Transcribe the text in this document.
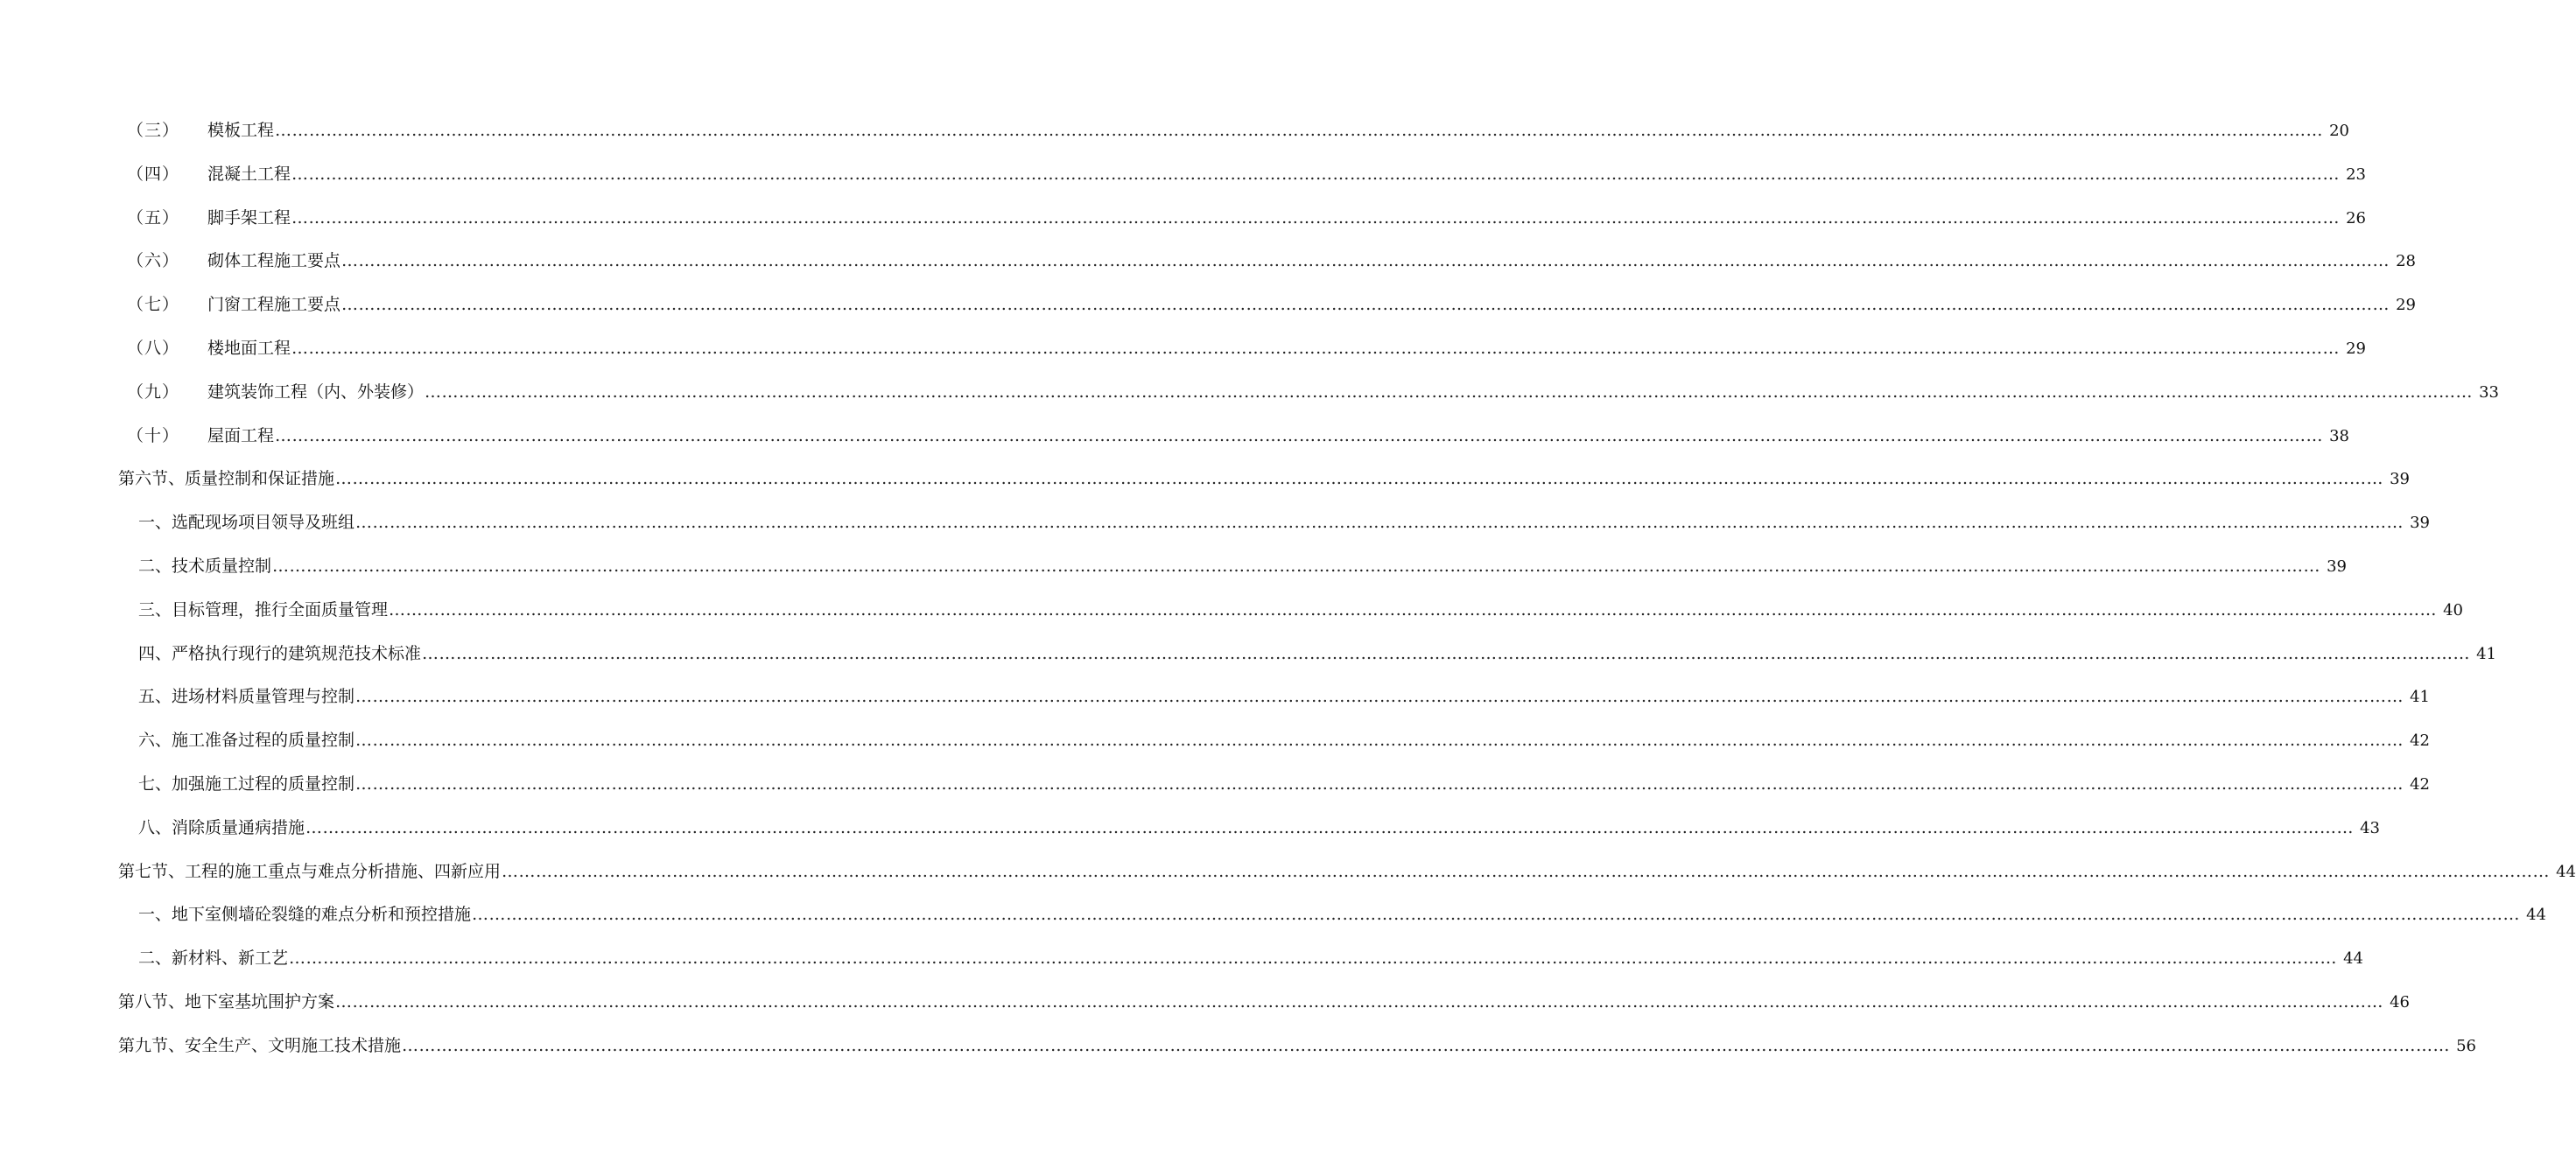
（三）	模板工程 ……………………………………………………………………………………………………………………………………………………………………………………………………………………………………………………………………………………………………………………………… 20
（四）	混凝土工程 ……………………………………………………………………………………………………………………………………………………………………………………………………………………………………………………………………………………………………………………………… 23
（五）	脚手架工程 ……………………………………………………………………………………………………………………………………………………………………………………………………………………………………………………………………………………………………………………………… 26
（六）	砌体工程施工要点 ……………………………………………………………………………………………………………………………………………………………………………………………………………………………………………………………………………………………………………………………… 28
（七）	门窗工程施工要点 ……………………………………………………………………………………………………………………………………………………………………………………………………………………………………………………………………………………………………………………………… 29
（八）	楼地面工程 ……………………………………………………………………………………………………………………………………………………………………………………………………………………………………………………………………………………………………………………………… 29
（九）	建筑装饰工程（内、外装修） ……………………………………………………………………………………………………………………………………………………………………………………………………………………………………………………………………………………………………………………………… 33
（十）	屋面工程 ……………………………………………………………………………………………………………………………………………………………………………………………………………………………………………………………………………………………………………………………… 38
第六节、质量控制和保证措施 ……………………………………………………………………………………………………………………………………………………………………………………………………………………………………………………………………………………………………………………………… 39
一、选配现场项目领导及班组 ……………………………………………………………………………………………………………………………………………………………………………………………………………………………………………………………………………………………………………………………… 39
二、技术质量控制 ……………………………………………………………………………………………………………………………………………………………………………………………………………………………………………………………………………………………………………………………… 39
三、目标管理，推行全面质量管理 ……………………………………………………………………………………………………………………………………………………………………………………………………………………………………………………………………………………………………………………………… 40
四、严格执行现行的建筑规范技术标准 ……………………………………………………………………………………………………………………………………………………………………………………………………………………………………………………………………………………………………………………………… 41
五、进场材料质量管理与控制 ……………………………………………………………………………………………………………………………………………………………………………………………………………………………………………………………………………………………………………………………… 41
六、施工准备过程的质量控制 ……………………………………………………………………………………………………………………………………………………………………………………………………………………………………………………………………………………………………………………………… 42
七、加强施工过程的质量控制 ……………………………………………………………………………………………………………………………………………………………………………………………………………………………………………………………………………………………………………………………… 42
八、消除质量通病措施 ……………………………………………………………………………………………………………………………………………………………………………………………………………………………………………………………………………………………………………………………… 43
第七节、工程的施工重点与难点分析措施、四新应用 ……………………………………………………………………………………………………………………………………………………………………………………………………………………………………………………………………………………………………………………………… 44
一、地下室侧墙砼裂缝的难点分析和预控措施 ……………………………………………………………………………………………………………………………………………………………………………………………………………………………………………………………………………………………………………………………… 44
二、新材料、新工艺 ……………………………………………………………………………………………………………………………………………………………………………………………………………………………………………………………………………………………………………………………… 44
第八节、地下室基坑围护方案 ……………………………………………………………………………………………………………………………………………………………………………………………………………………………………………………………………………………………………………………………… 46
第九节、安全生产、文明施工技术措施 ……………………………………………………………………………………………………………………………………………………………………………………………………………………………………………………………………………………………………………………………… 56
